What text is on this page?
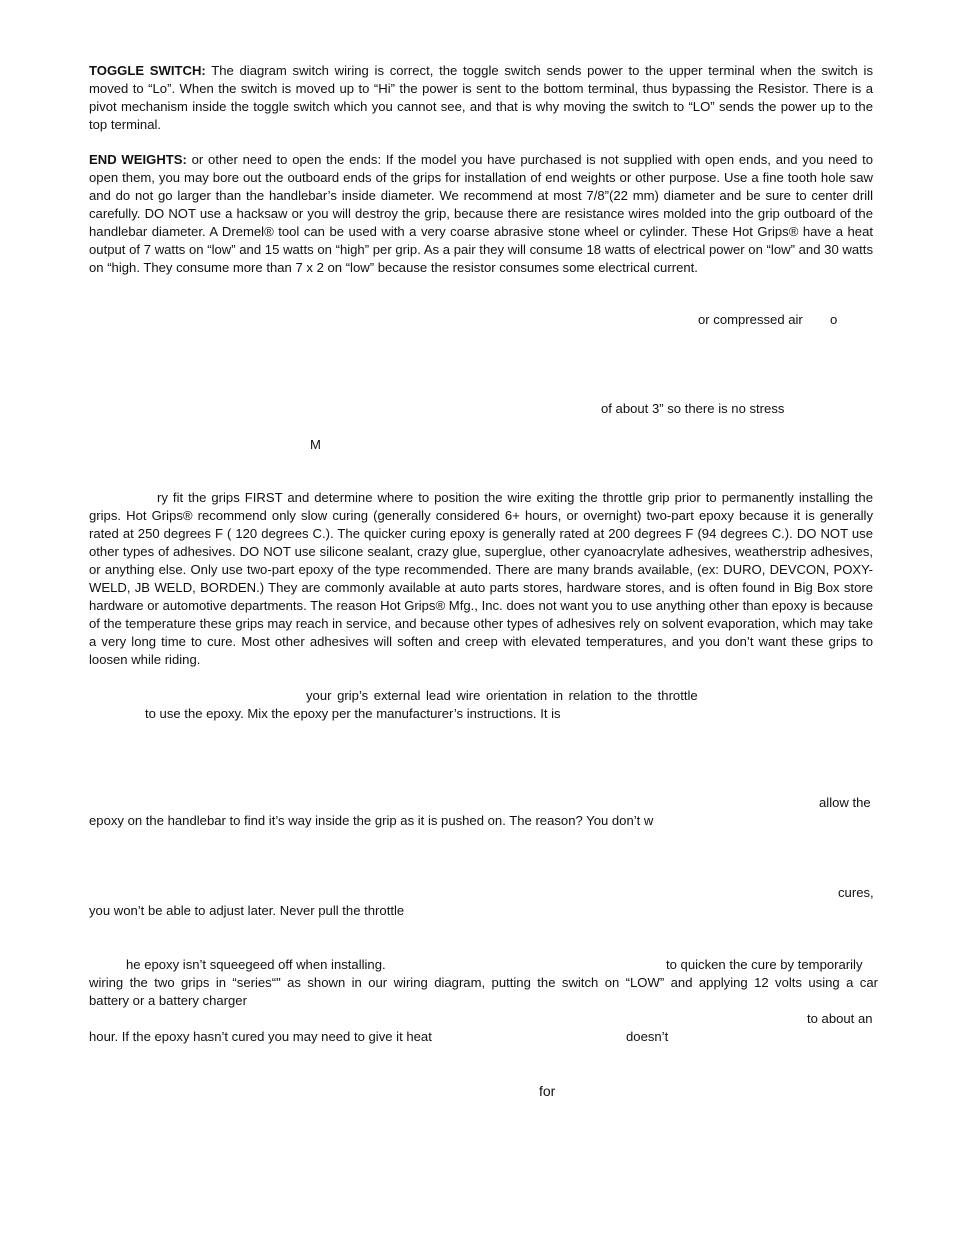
TOGGLE SWITCH: The diagram switch wiring is correct, the toggle switch sends power to the upper terminal when the switch is moved to “Lo”. When the switch is moved up to “Hi” the power is sent to the bottom terminal, thus bypassing the Resistor. There is a pivot mechanism inside the toggle switch which you cannot see, and that is why moving the switch to “LO” sends the power up to the top terminal.

END WEIGHTS: or other need to open the ends: If the model you have purchased is not supplied with open ends, and you need to open them, you may bore out the outboard ends of the grips for installation of end weights or other purpose. Use a fine tooth hole saw and do not go larger than the handlebar’s inside diameter. We recommend at most 7/8”(22 mm) diameter and be sure to center drill carefully. DO NOT use a hacksaw or you will destroy the grip, because there are resistance wires molded into the grip outboard of the handlebar diameter. A Dremel® tool can be used with a very coarse abrasive stone wheel or cylinder. These Hot Grips® have a heat output of 7 watts on “low” and 15 watts on “high” per grip. As a pair they will consume 18 watts of electrical power on “low” and 30 watts on “high. They consume more than 7 x 2 on “low” because the resistor consumes some electrical current.

or compressed air o
of about 3” so there is no stress
M

ry fit the grips FIRST and determine where to position the wire exiting the throttle grip prior to permanently installing the grips. Hot Grips® recommend only slow curing (generally considered 6+ hours, or overnight) two-part epoxy because it is generally rated at 250 degrees F ( 120 degrees C.). The quicker curing epoxy is generally rated at 200 degrees F (94 degrees C.). DO NOT use other types of adhesives. DO NOT use silicone sealant, crazy glue, superglue, other cyanoacrylate adhesives, weatherstrip adhesives, or anything else. Only use two-part epoxy of the type recommended. There are many brands available, (ex: DURO, DEVCON, POXY-WELD, JB WELD, BORDEN.) They are commonly available at auto parts stores, hardware stores, and is often found in Big Box store hardware or automotive departments. The reason Hot Grips® Mfg., Inc. does not want you to use anything other than epoxy is because of the temperature these grips may reach in service, and because other types of adhesives rely on solvent evaporation, which may take a very long time to cure. Most other adhesives will soften and creep with elevated temperatures, and you don’t want these grips to loosen while riding.

your grip’s external lead wire orientation in relation to the throttle
to use the epoxy. Mix the epoxy per the manufacturer’s instructions. It is
allow the
epoxy on the handlebar to find it’s way inside the grip as it is pushed on. The reason? You don’t w
cures,
you won’t be able to adjust later. Never pull the throttle
he epoxy isn’t squeegeed off when installing.	to quicken the cure by temporarily
wiring the two grips in “series“" as shown in our wiring diagram, putting the switch on “LOW” and applying 12 volts using a car
battery or a battery charger
to about an
hour. If the epoxy hasn’t cured you may need to give it heat	doesn’t
for
